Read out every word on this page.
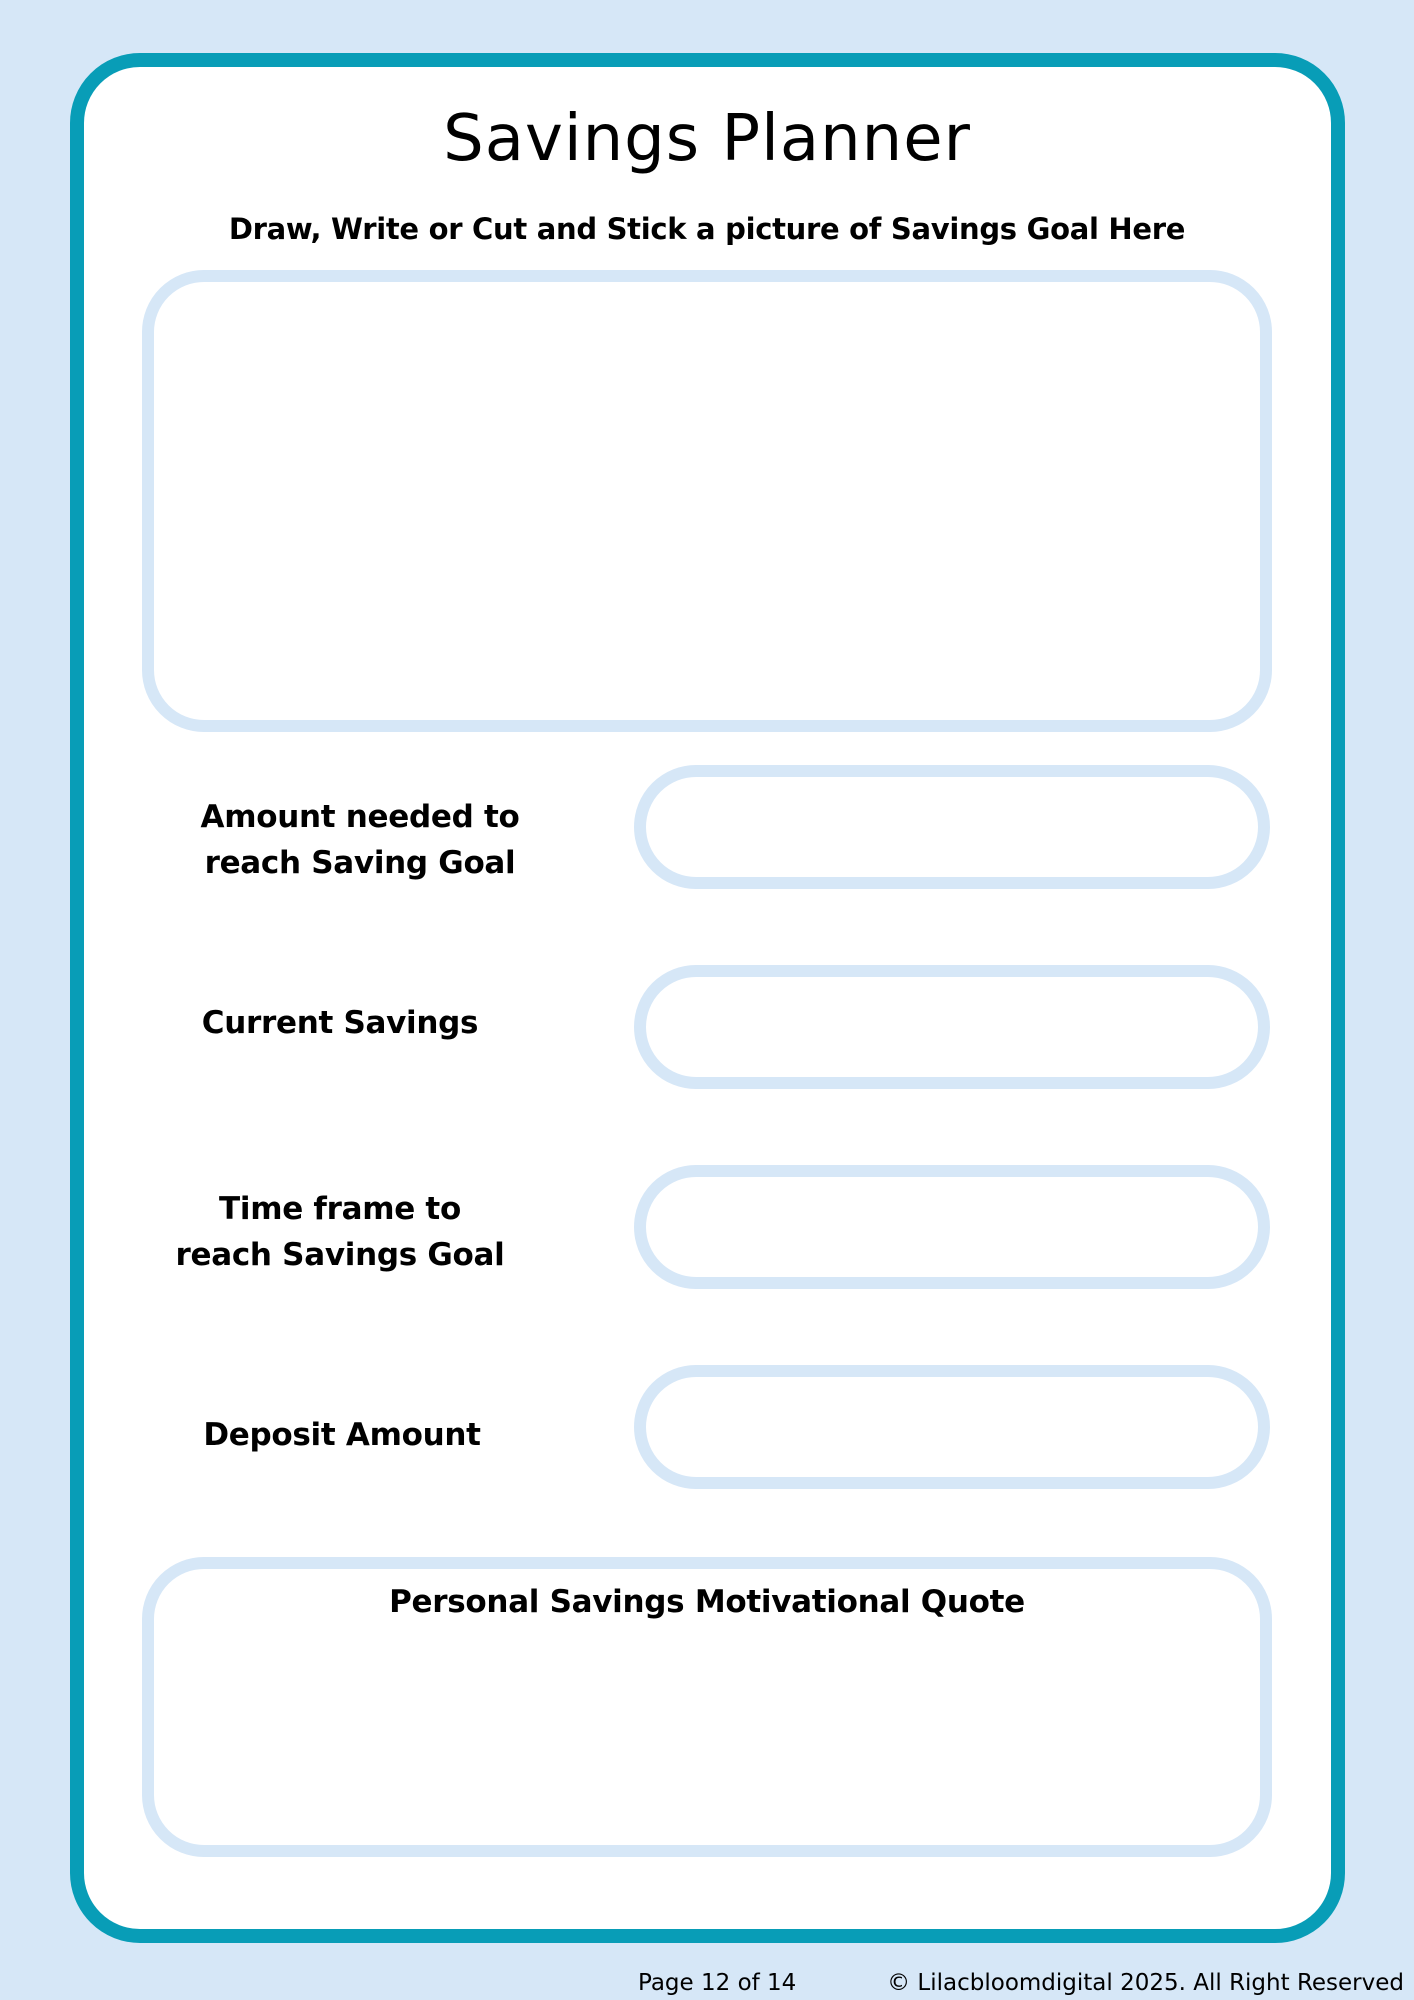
Savings Planner
Draw, Write or Cut and Stick a picture of Savings Goal Here
Amount needed to
reach Saving Goal
Current Savings
Time frame to
reach Savings Goal
Deposit Amount
Personal Savings Motivational Quote
Page 12 of 14	© Lilacbloomdigital 2025. All Right Reserved
